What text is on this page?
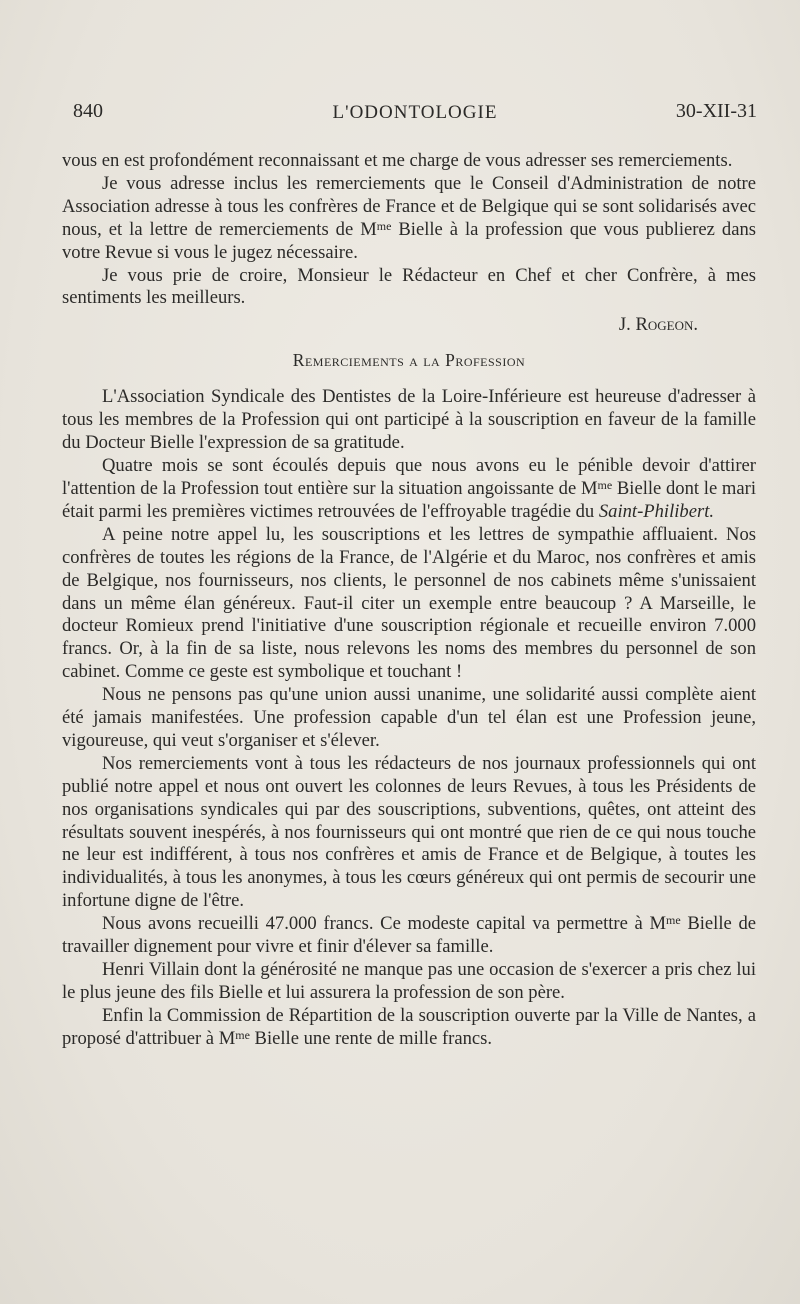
840	L'ODONTOLOGIE	30-XII-31

vous en est profondément reconnaissant et me charge de vous adresser ses remerciements.

Je vous adresse inclus les remerciements que le Conseil d'Administration de notre Association adresse à tous les confrères de France et de Belgique qui se sont solidarisés avec nous, et la lettre de remerciements de $M^{me}$ Bielle à la profession que vous publierez dans votre Revue si vous le jugez nécessaire.

Je vous prie de croire, Monsieur le Rédacteur en Chef et cher Confrère, à mes sentiments les meilleurs.

J. Rogeon.
Remerciements a la Profession

L'Association Syndicale des Dentistes de la Loire-Inférieure est heureuse d'adresser à tous les membres de la Profession qui ont participé à la souscription en faveur de la famille du Docteur Bielle l'expression de sa gratitude.

Quatre mois se sont écoulés depuis que nous avons eu le pénible devoir d'attirer l'attention de la Profession tout entière sur la situation angoissante de $M^{me}$ Bielle dont le mari était parmi les premières victimes retrouvées de l'effroyable tragédie du Saint-Philibert.

A peine notre appel lu, les souscriptions et les lettres de sympathie affluaient. Nos confrères de toutes les régions de la France, de l'Algérie et du Maroc, nos confrères et amis de Belgique, nos fournisseurs, nos clients, le personnel de nos cabinets même s'unissaient dans un même élan généreux. Faut-il citer un exemple entre beaucoup ? A Marseille, le docteur Romieux prend l'initiative d'une souscription régionale et recueille environ 7.000 francs. Or, à la fin de sa liste, nous relevons les noms des membres du personnel de son cabinet. Comme ce geste est symbolique et touchant !

Nous ne pensons pas qu'une union aussi unanime, une solidarité aussi complète aient été jamais manifestées. Une profession capable d'un tel élan est une Profession jeune, vigoureuse, qui veut s'organiser et s'élever.

Nos remerciements vont à tous les rédacteurs de nos journaux professionnels qui ont publié notre appel et nous ont ouvert les colonnes de leurs Revues, à tous les Présidents de nos organisations syndicales qui par des souscriptions, subventions, quêtes, ont atteint des résultats souvent inespérés, à nos fournisseurs qui ont montré que rien de ce qui nous touche ne leur est indifférent, à tous nos confrères et amis de France et de Belgique, à toutes les individualités, à tous les anonymes, à tous les cœurs généreux qui ont permis de secourir une infortune digne de l'être.

Nous avons recueilli 47.000 francs. Ce modeste capital va permettre à $M^{me}$ Bielle de travailler dignement pour vivre et finir d'élever sa famille.

Henri Villain dont la générosité ne manque pas une occasion de s'exercer a pris chez lui le plus jeune des fils Bielle et lui assurera la profession de son père.

Enfin la Commission de Répartition de la souscription ouverte par la Ville de Nantes, a proposé d'attribuer à $M^{me}$ Bielle une rente de mille francs.
